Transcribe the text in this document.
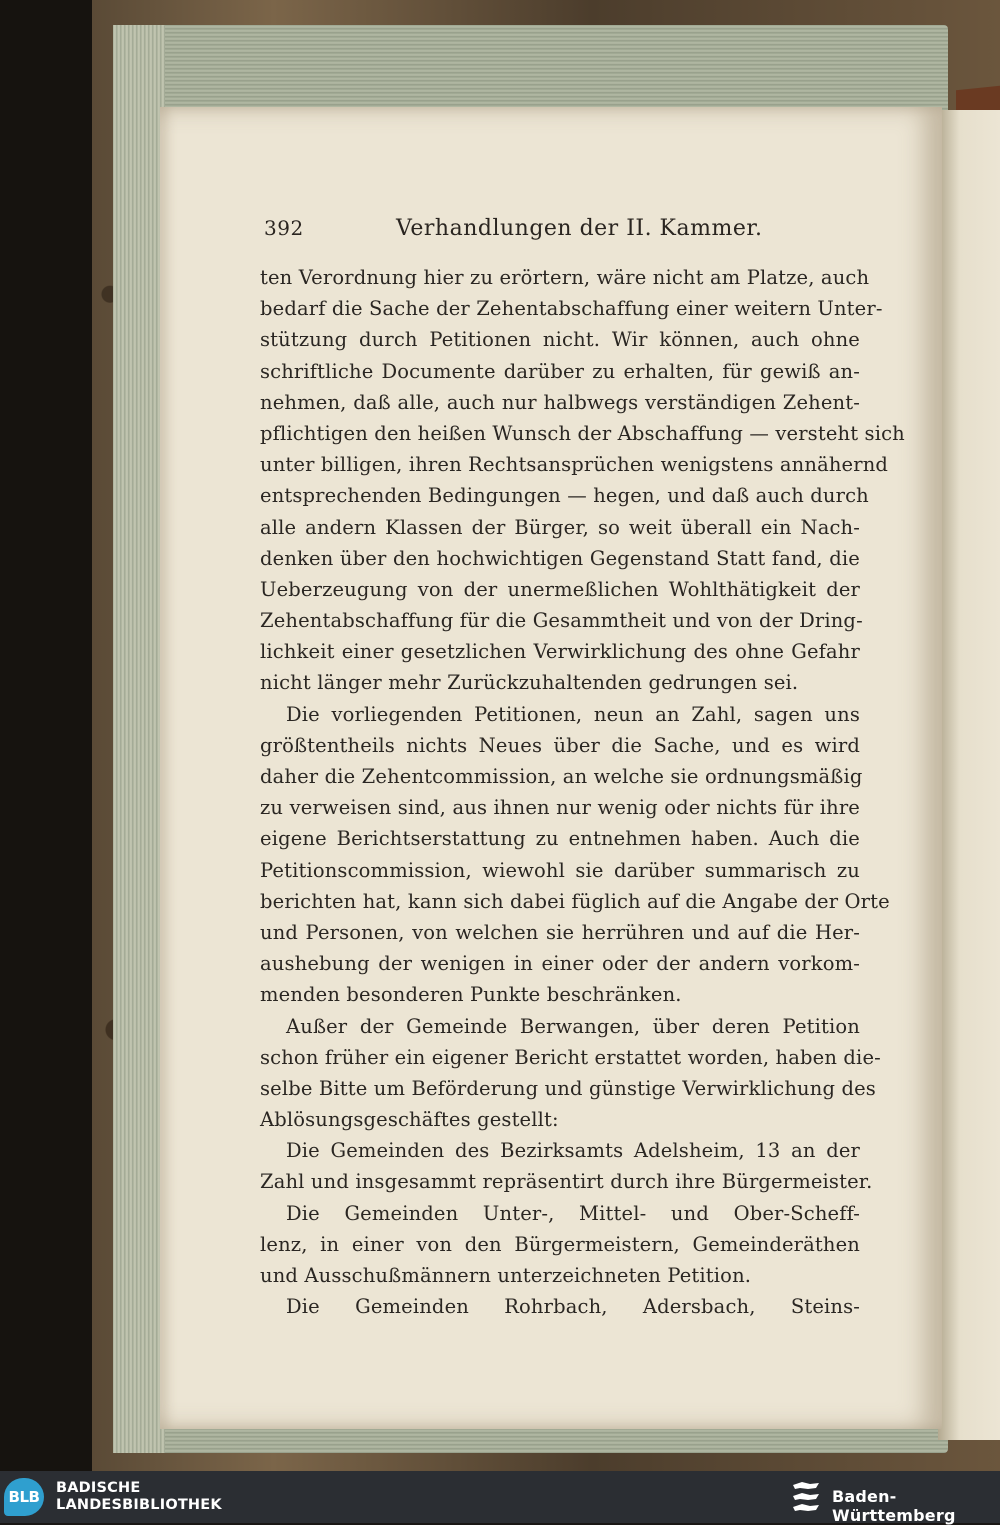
392	Verhandlungen der II. Kammer.
ten Verordnung hier zu erörtern, wäre nicht am Platze, auch
bedarf die Sache der Zehentabschaffung einer weitern Unter-
stützung durch Petitionen nicht. Wir können, auch ohne
schriftliche Documente darüber zu erhalten, für gewiß an-
nehmen, daß alle, auch nur halbwegs verständigen Zehent-
pflichtigen den heißen Wunsch der Abschaffung — versteht sich
unter billigen, ihren Rechtsansprüchen wenigstens annähernd
entsprechenden Bedingungen — hegen, und daß auch durch
alle andern Klassen der Bürger, so weit überall ein Nach-
denken über den hochwichtigen Gegenstand Statt fand, die
Ueberzeugung von der unermeßlichen Wohlthätigkeit der
Zehentabschaffung für die Gesammtheit und von der Dring-
lichkeit einer gesetzlichen Verwirklichung des ohne Gefahr
nicht länger mehr Zurückzuhaltenden gedrungen sei.
Die vorliegenden Petitionen, neun an Zahl, sagen uns
größtentheils nichts Neues über die Sache, und es wird
daher die Zehentcommission, an welche sie ordnungsmäßig
zu verweisen sind, aus ihnen nur wenig oder nichts für ihre
eigene Berichtserstattung zu entnehmen haben. Auch die
Petitionscommission, wiewohl sie darüber summarisch zu
berichten hat, kann sich dabei füglich auf die Angabe der Orte
und Personen, von welchen sie herrühren und auf die Her-
aushebung der wenigen in einer oder der andern vorkom-
menden besonderen Punkte beschränken.
Außer der Gemeinde Berwangen, über deren Petition
schon früher ein eigener Bericht erstattet worden, haben die-
selbe Bitte um Beförderung und günstige Verwirklichung des
Ablösungsgeschäftes gestellt:
Die Gemeinden des Bezirksamts Adelsheim, 13 an der
Zahl und insgesammt repräsentirt durch ihre Bürgermeister.
Die Gemeinden Unter-, Mittel- und Ober-Scheff-
lenz, in einer von den Bürgermeistern, Gemeinderäthen
und Ausschußmännern unterzeichneten Petition.
Die Gemeinden Rohrbach, Adersbach, Steins-
BLB	BADISCHE
LANDESBIBLIOTHEK	Baden-Württemberg
